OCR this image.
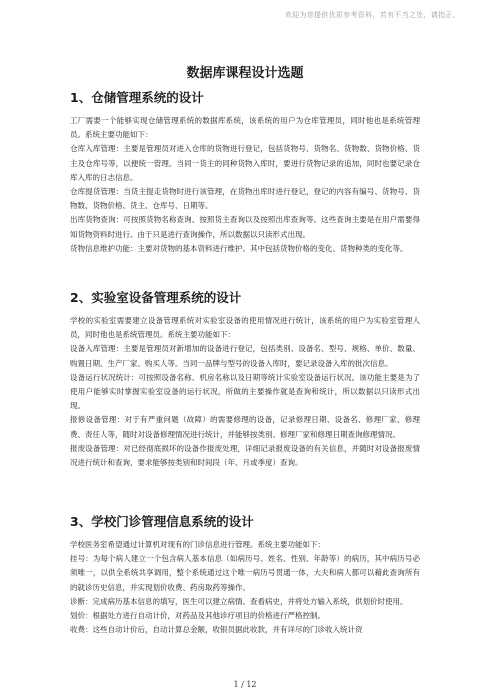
欢迎为您提供优质参考资料，若有不当之处，请指正。
数据库课程设计选题
1、仓储管理系统的设计

工厂需要一个能够实现仓储管理系统的数据库系统，该系统的用户为仓库管理员，同时他也是系统管理员。系统主要功能如下：

仓库入库管理：主要是管理员对进入仓库的货物进行登记，包括货物号、货物名、货物数、货物价格、货主及仓库号等，以便统一管理。当同一货主的同种货物入库时，要进行货物记录的追加，同时也要记录仓库入库的日志信息。

仓库提货管理：当货主提走货物时进行该管理，在货物出库时进行登记，登记的内容有编号、货物号、货物数、货物价格、货主、仓库号、日期等。

出库货物查询：可按照货物名称查询、按照货主查询以及按照出库查询等。这些查询主要是在用户需要得知货物资料时进行。由于只是进行查询操作，所以数据以只读形式出现。

货物信息维护功能：主要对货物的基本资料进行维护。其中包括货物价格的变化、货物种类的变化等。

2、实验室设备管理系统的设计

学校的实验室需要建立设备管理系统对实验室设备的使用情况进行统计，该系统的用户为实验室管理人员，同时他也是系统管理员。系统主要功能如下：

设备入库管理：主要是管理员对新增加的设备进行登记，包括类别、设备名、型号、规格、单价、数量、购置日期、生产厂家、购买人等。当同一品牌与型号的设备入库时，要记录设备入库的批次信息。

设备运行状况统计：可按照设备名称、机房名称以及日期等统计实验室设备运行状况。该功能主要是为了使用户能够实时掌握实验室设备的运行状况，所做的主要操作就是查询和统计，所以数据以只读形式出现。

报修设备管理：对于有严重问题（故障）的需要修理的设备，记录修理日期、设备名、修理厂家、修理费、责任人等，随时对设备修理情况进行统计，并能够按类别、修理厂家和修理日期查询修理情况。

报废设备管理：对已经彻底损坏的设备作报废处理，详细记录报废设备的有关信息，并随时对设备报废情况进行统计和查询，要求能够按类别和时间段（年、月或季度）查询。

3、学校门诊管理信息系统的设计

学校医务室希望通过计算机对现有的门诊信息进行管理。系统主要功能如下：

挂号：为每个病人建立一个包含病人基本信息（如病历号、姓名、性别、年龄等）的病历，其中病历号必须唯一，以供全系统共享调用，整个系统通过这个唯一病历号贯通一体，大夫和病人都可以藉此查询所有的就诊历史信息，并实现划价收费、药房取药等操作。

诊断：完成病历基本信息的填写，医生可以建立病情、查看病史，并将处方输入系统，供划价时使用。

划价：根据处方进行自动计价，对药品及其他诊疗项目的价格进行严格控制。

收费：这些自动计价后，自动计算总金额，收银员据此收款，并有详尽的门诊收入统计资

1 / 12
